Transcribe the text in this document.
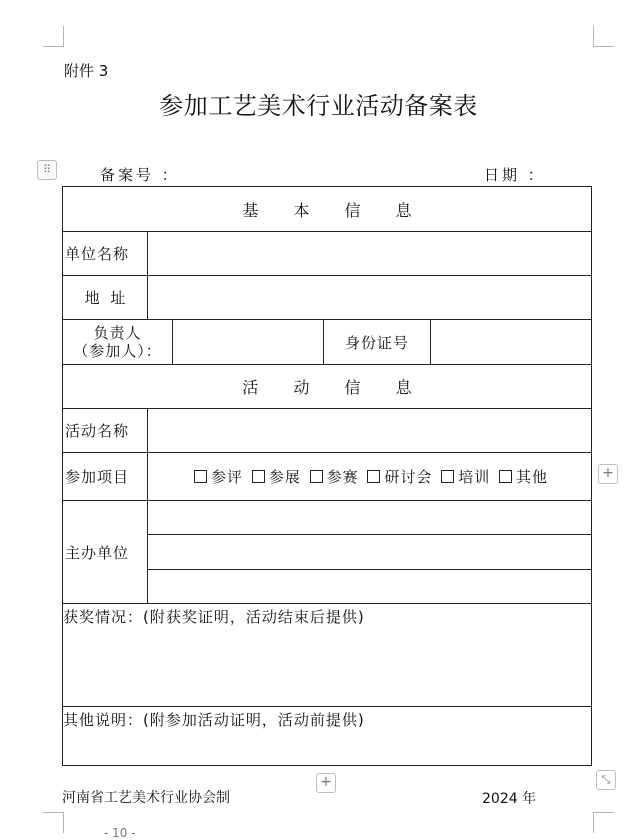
附件 3
参加工艺美术行业活动备案表
⠿	备案号 ：	日期 ：
基 本 信 息				
单位名称				
地 址				
负责人
（参加人）：			身份证号	
活 动 信 息				
活动名称				
参加项目	参评 参展 参赛 研讨会 培训 其他			
主办单位				

获奖情况：(附获奖证明，活动结束后提供)				
其他说明：(附参加活动证明，活动前提供)				
+
+	⤡
河南省工艺美术行业协会制	2024 年
- 10 -
